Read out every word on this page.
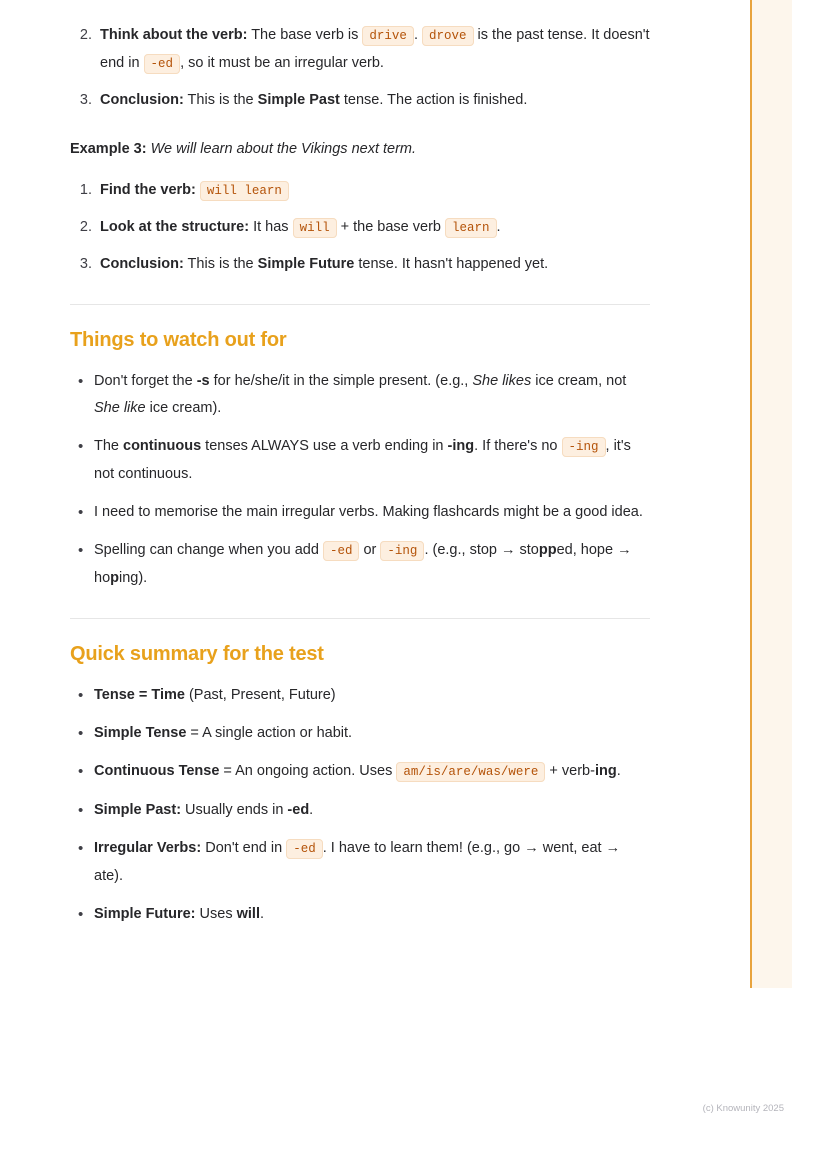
2. Think about the verb: The base verb is drive . drove is the past tense. It doesn't end in -ed , so it must be an irregular verb.
3. Conclusion: This is the Simple Past tense. The action is finished.

Example 3: We will learn about the Vikings next term.

1. Find the verb: will learn
2. Look at the structure: It has will + the base verb learn .
3. Conclusion: This is the Simple Future tense. It hasn't happened yet.
Things to watch out for
• Don't forget the -s for he/she/it in the simple present. (e.g., She likes ice cream, not She like ice cream).
• The continuous tenses ALWAYS use a verb ending in -ing. If there's no -ing , it's not continuous.
• I need to memorise the main irregular verbs. Making flashcards might be a good idea.
• Spelling can change when you add -ed or -ing . (e.g., stop → stopped, hope → hoping).
Quick summary for the test
• Tense = Time (Past, Present, Future)
• Simple Tense = A single action or habit.
• Continuous Tense = An ongoing action. Uses am/is/are/was/were + verb-ing.
• Simple Past: Usually ends in -ed.
• Irregular Verbs: Don't end in -ed . I have to learn them! (e.g., go → went, eat → ate).
• Simple Future: Uses will.
(c) Knowunity 2025
